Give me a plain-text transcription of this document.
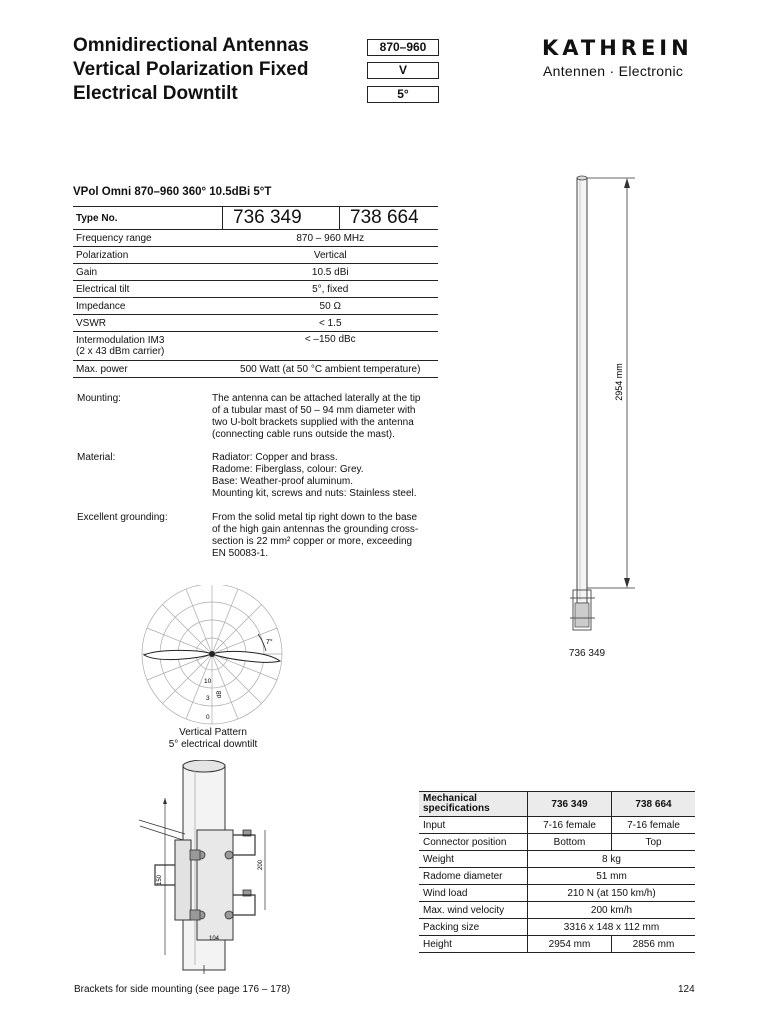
Omnidirectional Antennas
Vertical Polarization Fixed
Electrical Downtilt
870–960
V
5°
KATHREIN
Antennen · Electronic
VPol Omni 870–960 360° 10.5dBi 5°T
Type No.	736 349	738 664
Frequency range	870 – 960 MHz	
Polarization	Vertical	
Gain	10.5 dBi	
Electrical tilt	5°, fixed	
Impedance	50 Ω	
VSWR	< 1.5	
Intermodulation IM3
(2 x 43 dBm carrier)	< –150 dBc	
Max. power	500 Watt (at 50 °C ambient temperature)	
Mounting:	The antenna can be attached laterally at the tip
of a tubular mast of 50 – 94 mm diameter with
two U-bolt brackets supplied with the antenna
(connecting cable runs outside the mast).
Material:	Radiator: Copper and brass.
Radome: Fiberglass, colour: Grey.
Base: Weather-proof aluminum.
Mounting kit, screws and nuts: Stainless steel.
Excellent grounding:	From the solid metal tip right down to the base
of the high gain antennas the grounding cross-
section is 22 mm² copper or more, exceeding
EN 50083-1.
2954 mm
736 349
7°
10
3
0
dB
Vertical Pattern
5° electrical downtilt
150
200
104
Mechanical specifications	736 349	738 664
Input	7-16 female	7-16 female
Connector position	Bottom	Top
Weight	8 kg	
Radome diameter	51 mm	
Wind load	210 N (at 150 km/h)	
Max. wind velocity	200 km/h	
Packing size	3316 x 148 x 112 mm	
Height	2954 mm	2856 mm
Brackets for side mounting (see page 176 – 178)	124
